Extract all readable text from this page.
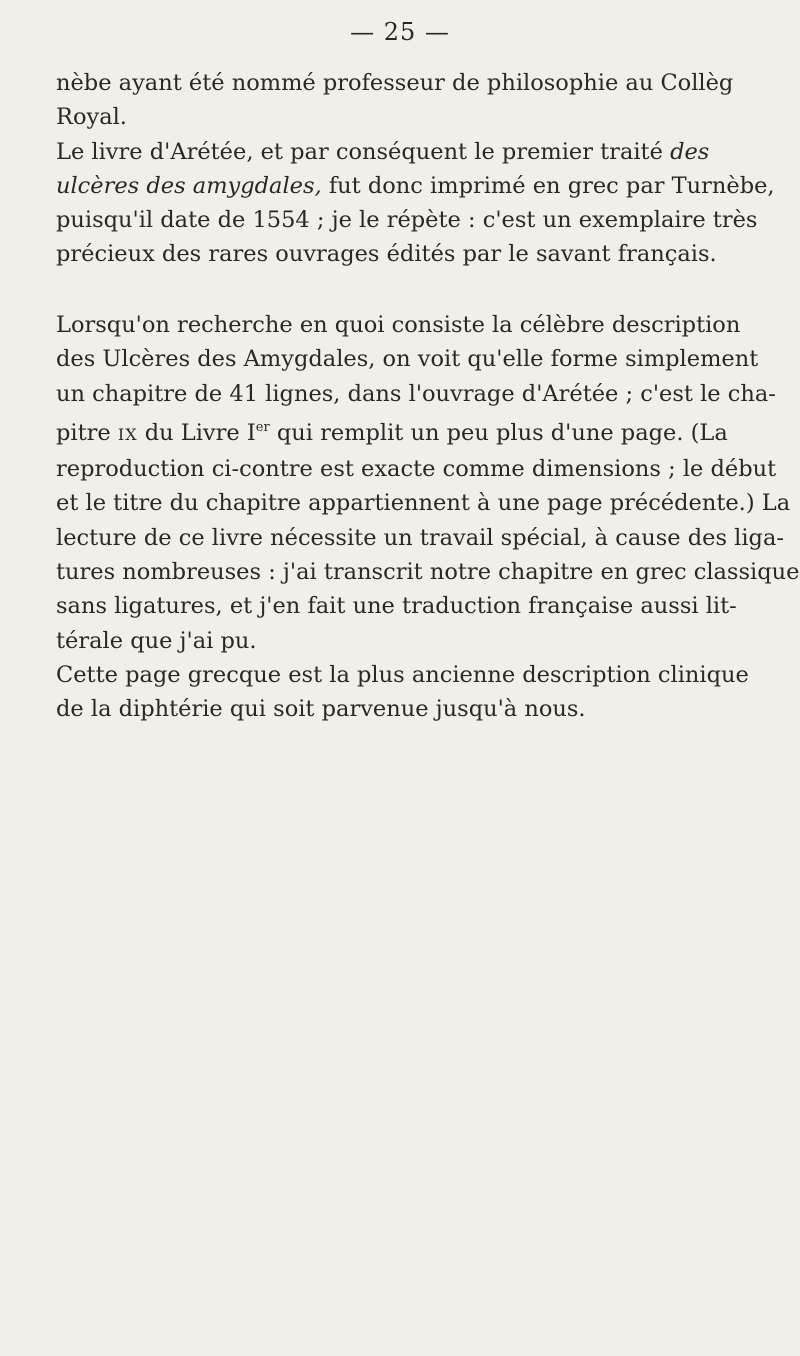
— 25 —

nèbe ayant été nommé professeur de philosophie au Collèg
Royal.

Le livre d'Arétée, et par conséquent le premier traité des
ulcères des amygdales, fut donc imprimé en grec par Turnèbe,
puisqu'il date de 1554 ; je le répète : c'est un exemplaire très
précieux des rares ouvrages édités par le savant français.

Lorsqu'on recherche en quoi consiste la célèbre description
des Ulcères des Amygdales, on voit qu'elle forme simplement
un chapitre de 41 lignes, dans l'ouvrage d'Arétée ; c'est le cha-
pitre IX du Livre Ier qui remplit un peu plus d'une page. (La
reproduction ci-contre est exacte comme dimensions ; le début
et le titre du chapitre appartiennent à une page précédente.) La
lecture de ce livre nécessite un travail spécial, à cause des liga-
tures nombreuses : j'ai transcrit notre chapitre en grec classique
sans ligatures, et j'en fait une traduction française aussi lit-
térale que j'ai pu.

Cette page grecque est la plus ancienne description clinique
de la diphtérie qui soit parvenue jusqu'à nous.
